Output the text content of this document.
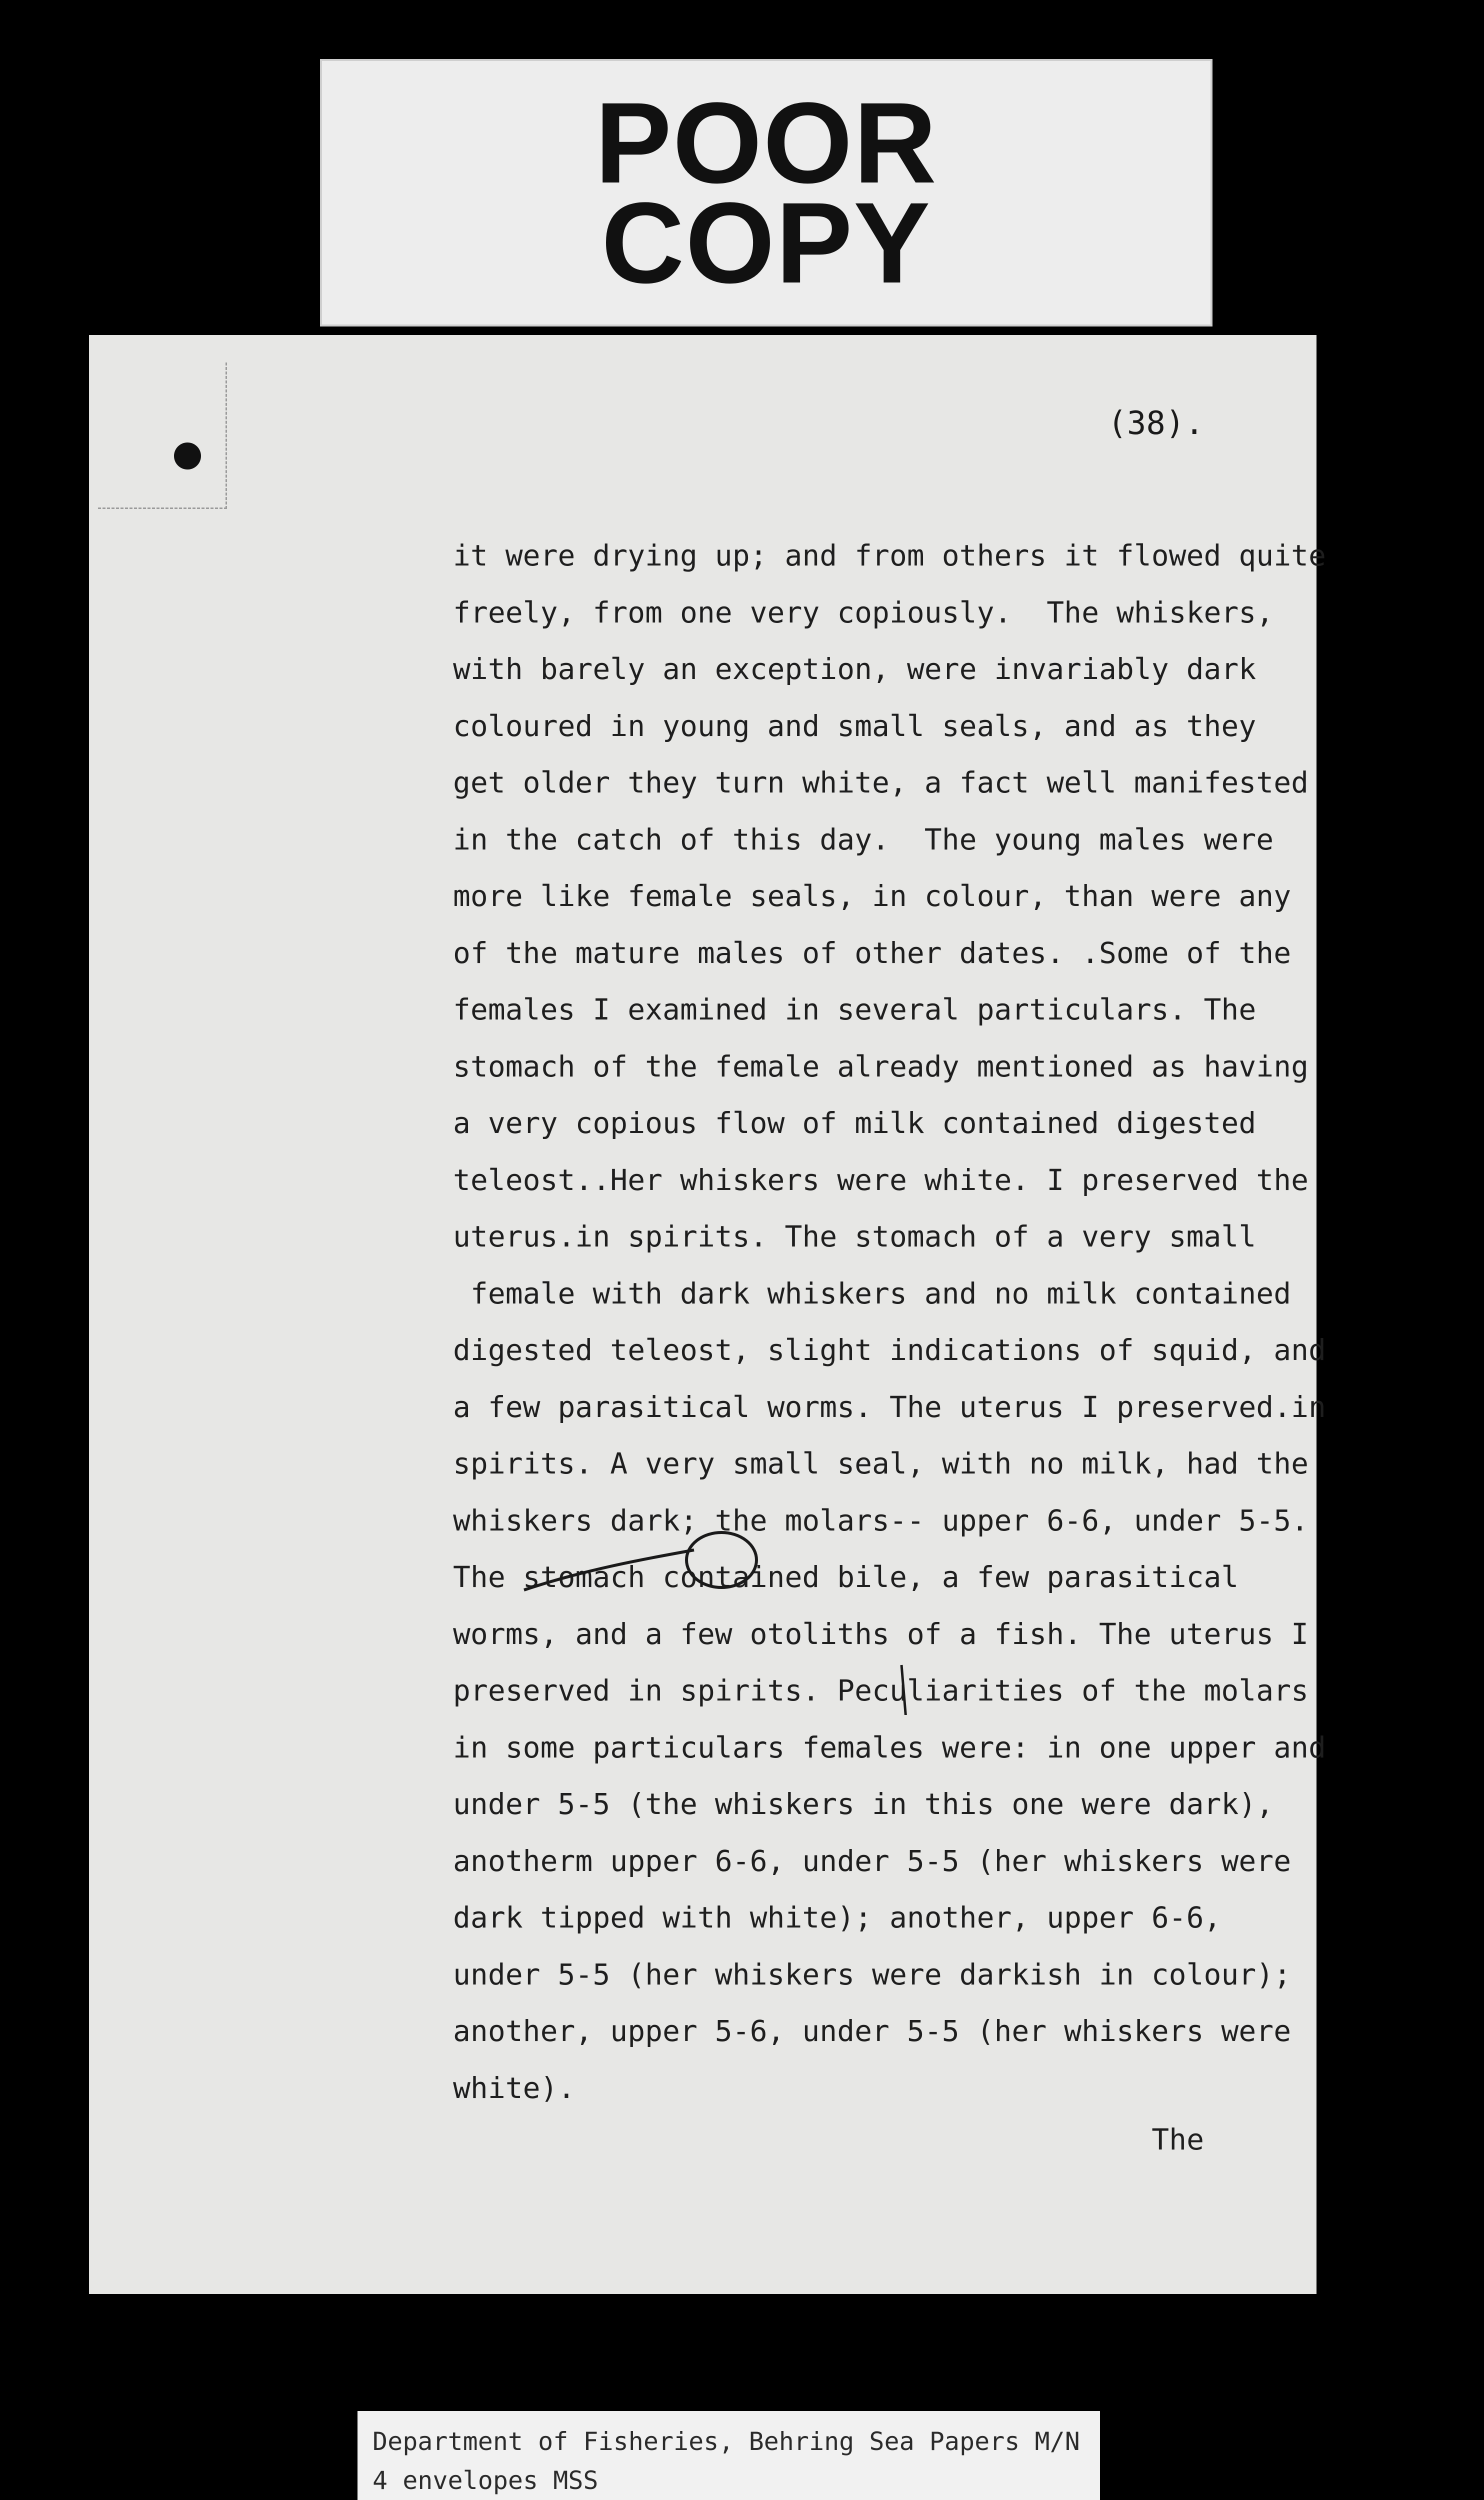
POOR
COPY
(38).
it were drying up; and from others it flowed quite
freely, from one very copiously.  The whiskers,
with barely an exception, were invariably dark
coloured in young and small seals, and as they
get older they turn white, a fact well manifested
in the catch of this day.  The young males were
more like female seals, in colour, than were any
of the mature males of other dates. .Some of the
females I examined in several particulars. The
stomach of the female already mentioned as having
a very copious flow of milk contained digested
teleost..Her whiskers were white. I preserved the
uterus.in spirits. The stomach of a very small
female with dark whiskers and no milk contained
digested teleost, slight indications of squid, and
a few parasitical worms. The uterus I preserved.in
spirits. A very small seal, with no milk, had the
whiskers dark; the molars-- upper 6-6, under 5-5.
The stomach contained bile, a few parasitical
worms, and a few otoliths of a fish. The uterus I
preserved in spirits. Peculiarities of the molars
in some particulars females were: in one upper and
under 5-5 (the whiskers in this one were dark),
anotherm upper 6-6, under 5-5 (her whiskers were
dark tipped with white); another, upper 6-6,
under 5-5 (her whiskers were darkish in colour);
another, upper 5-6, under 5-5 (her whiskers were
white).
The
Department of Fisheries, Behring Sea Papers M/N
4 envelopes MSS
